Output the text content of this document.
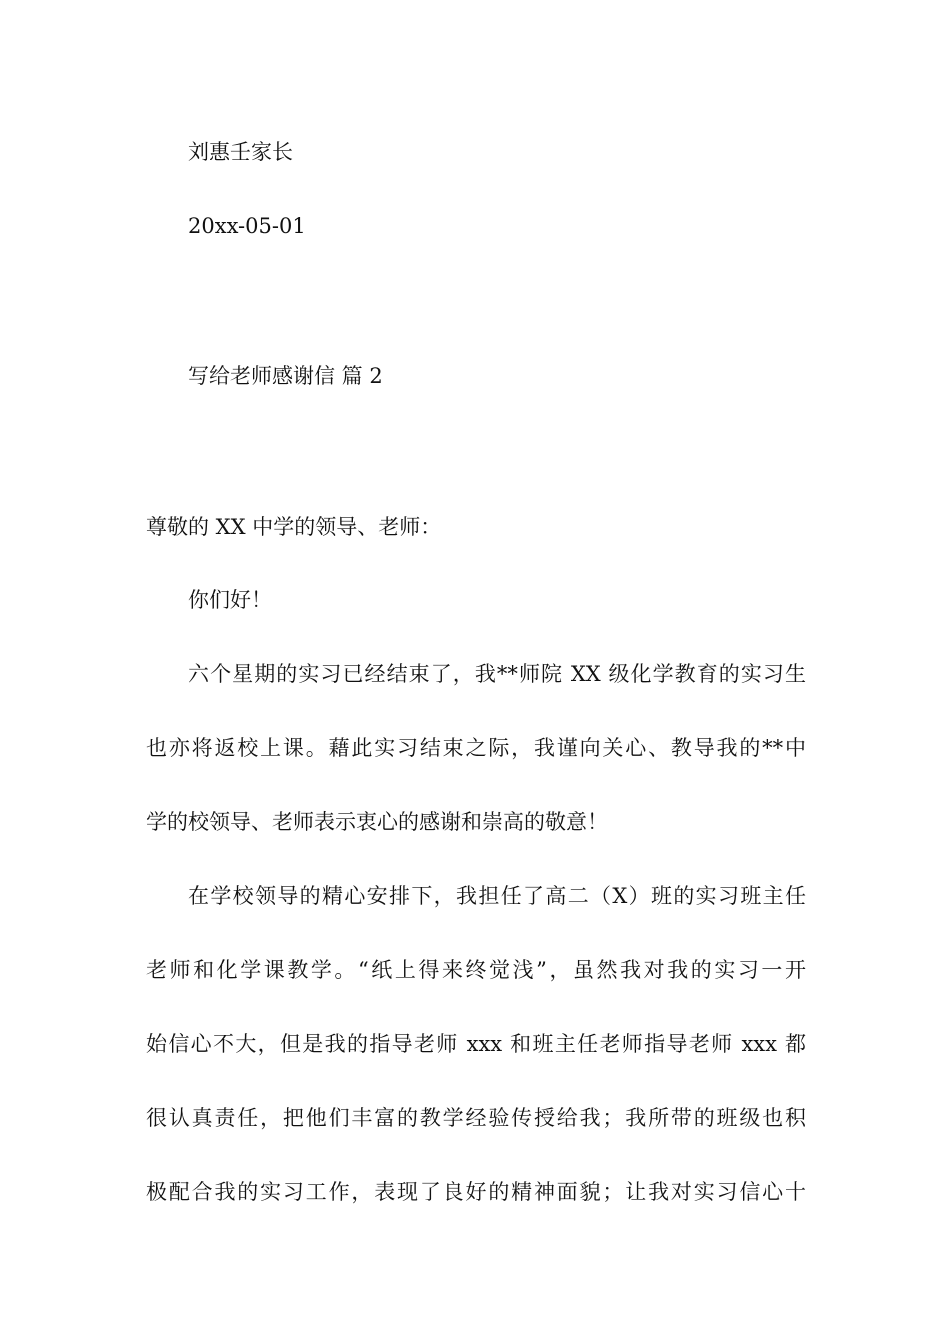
刘惠壬家长
20xx-05-01
写给老师感谢信 篇 2
尊敬的 XX 中学的领导、老师：
你们好！
六个星期的实习已经结束了，我**师院 XX 级化学教育的实习生
也亦将返校上课。藉此实习结束之际，我谨向关心、教导我的**中
学的校领导、老师表示衷心的感谢和崇高的敬意！
在学校领导的精心安排下，我担任了高二（X）班的实习班主任
老师和化学课教学。“纸上得来终觉浅”，虽然我对我的实习一开
始信心不大，但是我的指导老师 xxx 和班主任老师指导老师 xxx 都
很认真责任，把他们丰富的教学经验传授给我；我所带的班级也积
极配合我的实习工作，表现了良好的精神面貌；让我对实习信心十
